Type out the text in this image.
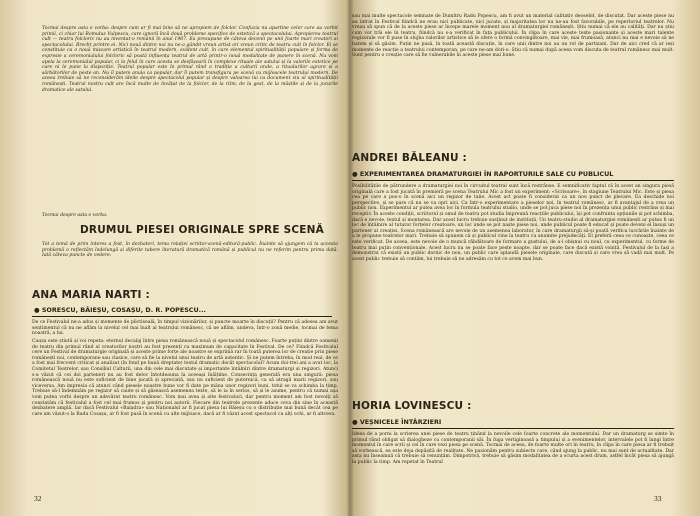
Tocmai despre asta e vorba: despre cum ar fi mai bine să ne apropiem de folclor. Confuzia nu apartine celor care au vorbit primii, ci chiar lui Romulus Vulpescu, care ignoră încă două probleme specifice de estetică a spectacolului. Apropierea teatrul cult — teatru folcloric nu au inventat-o românii în anul 1967. Ea presupune de câteva decenii pe unii foarte mari creatori ai spectacolului. Brecht printre ei. Nici nouă dintre noi nu ne-a gândit vreun artist ori vreun critic de teatru cult în folclor. Ei se constituie ca o nouă mișcare artistică în teatrul modern, evident cult, în care elementul spiritualității populare și forma de expresie a ceremonialului folcloric să poată influența teatrul de artă printr-o nouă modalitate de punere în scenă. Nu vom apela la ceremonialul popular, ci la felul în care acesta se desfășoară în complexe rituale ale satului și la valorile estetice pe care ni le pune la dispoziție. Teatrul popular este în primul rând o tradiție a culturii orale, a ritualurilor agrare și a sărbătorilor de peste an. Nu îl putem anula ca popular, dar îl putem transfigura pe scenă cu mijloacele teatrului modern. De aceea trebuie să ne reconsiderăm ideile despre spectacolul popular și despre valoarea lui ca document viu al spiritualității românești. Teatrul nostru cult are încă multe de învățat de la folclor, de la ritm, de la gest, de la măștile și de la jocurile dramatice ale satului.

Tocmai despre asta e vorba.

DRUMUL PIESEI ORIGINALE SPRE SCENĂ

Tot a temă de prim interes a fost, în dezbateri, tema relației scriitor-scenă-editură-public. Înainte să ajungem că la accesta problemă o reflectăm îndelungă și diferite tabere literatură dramatică română și publicul nu ne referim pentru prima dată. Iată câteva puncte de vedere:

ANA MARIA NARTI :

● SORESCU, BĂIEȘU, COSAȘU, D. R. POPESCU...

De ce Festivalul ne-a adus și momente de plictiseală, în timpul vizionărilor, și puncte moarte în discuții? Pentru că adesea am avut sentimentul că nu ne aflăm la nivelul cel mai înalt al teatrului românesc, că ne aflăm, undeva, într-o zonă medie, tocmai de tema noastră, a lui.

Cauza este știută și voi repeta: eternul decalaj între piesa românească nouă și spectacolul românesc. Foarte puțini dintre oamenii de teatru din primul rând al creatorilor noștri au fost prezenți cu maximum de capacitate în Festival. De ce? Fiindcă Festivalul cere un Festival de dramaturgie originală și aceste prime forțe ale noastre se exprimă rar în toată puterea lor de creație prin piese românești noi, contemporane sau clasice, care să fie la nivelul unui teatru de artă autentic. Și ne putem întreba, în mod real, de ce a fost mai frecvent criticat și analizat (în fond pe bună dreptate) textul dramatic decât spectacolul? Acum doi-trei ani a avut loc, la Comitetul Teatrelor, sau Consiliul Culturii, una din cele mai discutate și importante întâlniri dintre dramaturgi și regizori. Atunci s-a văzut că cei doi parteneri nu au fost deloc întotdeauna la aceeași înălțime. Consecința generală era una singură: piesa românească nouă nu este suficient de bine jucată și apreciată, sau nu suficient de puternică, ca să atragă marii regizori, sau viceversa. Am impresia că atunci când piesele noastre bune vor fi date pe mâna unor regizori buni, totul se va schimba la timp. Trebuie să-l îndemnăm pe regizor să caute și să găsească asemenea texte, să le ia în serios, să și le asume, pentru că numai așa vom putea vorbi despre un adevărat teatru românesc. Vom mai avea și alte festivaluri, dar pentru moment am fost nevoiți să constatăm că festivalul a fost cel mai frumos și pentru noi autorii. Fiecare din teatrele prezente aduce ceva din sine în această dezbatere amplă. Iar dacă Festivalul «Baladra» sau Naționalul ar fi jucat piesa lui Băieșu cu o distribuție mai bună decât cea pe care am văzut-o la Radu Cosașu, ar fi fost pusă în scenă cu alte mijloace, dacă ar fi văzut acest spectacol cu alți ochi, ar fi altceva.

32

sau mai multe spectacole semnate de Dumitru Radu Popescu, am fi avut un material calitativ deosebit, de discutat. Dar aceste piese nu au intrat în Festival fiindcă ne erau nici publicate, nici jucate, și majoritatea lor nu ne-au fost favorabile, pe repertoriul teatrelor. Nu vreau să spun că de la aceste piese ar începe marele moment nou al dramaturgiei românești. Știu numai că ele au calități. Dar nu știu cum vor trăi ele în teatru, fiindcă nu s-a verificat în fața publicului. În clipa în care aceste texte pasionante și aceste mari talente regizorale vor fi puse în slujba valorilor artistice să le ofere o formă convingătoare, mai vie, mai frumoasă, atunci nu mai e nevoie să ne batem și să găsim. Puțin ne pasă, în toată această discuție, în care unii dintre noi au un rol de partizani. Dar de aici cred că ar ieși momente de reacție a teatrului contemporan, pe care ne-am dori-o. Știu că numai după aceea vom discuta de teatrul românesc mai mult. Sunt pentru o creație care să fie vulnerabile în aceste piese mai bune.

ANDREI BĂLEANU :

● EXPERIMENTAREA DRAMATURGIEI ÎN RAPORTURILE SALE CU PUBLICUL

Posibilitățile de pătrundere a dramaturgiei noi în circuitul teatral sunt încă restrânse. E semnificativ faptul că în acest an singura piesă originală care a fost jucată în premieră pe scena Teatrului Mic a fost un experiment: «Scrisoare», în stagiune Teatrului Mic. Este și piesa cea pe care a pus-o în scenă aici un regizor de talie. Acest act poate fi considerat ca un nou punct de plecare. Ea deschide noi perspective, și se pare că nu se va opri aici. Ca într-o experimentare a pieselor noi, în teatrul românesc, ar fi avantajul de a crea un public nou. Experimentul ar putea avea loc în formula teatrului studio, unde se pot juca piese noi în prezența unui public restrâns și mai receptiv. În aceste condiții, scriitorul și omul de teatru pot studia împreună reacțiile publicului, își pot confrunta opțiunile și pot schimba, dacă e nevoie, textul și montarea. Dar acest lucru trebuie susținut de instituții. Un teatru-studio al dramaturgiei românești ar putea fi un loc de întâlnire al tuturor forțelor creatoare, un loc unde se pot naște piese noi, unde publicul poate fi educat și poate deveni el însuși un partener al creației. Scena românească are nevoie de un asemenea laborator, în care dramaturgii să-și poată verifica lucrările înainte de a le propune teatrelor mari. Trebuie să spunem că și publicul vine la teatru cu anumite prejudecăți. El preferă ceea ce cunoaște, ceea ce este verificat. De aceea, este nevoie de o muncă răbdătoare de formare a gustului, de a-l obișnui cu noul, cu experimentul, cu forme de teatru mai puțin convenționale. Acest lucru nu se poate face peste noapte, dar se poate face dacă există voință. Festivalul de la Iași a demonstrat că există un public dornic de nou, un public care aplaudă piesele originale, care discută și care vrea să vadă mai mult. Pe acest public trebuie să contăm, lui trebuie să ne adresăm cu tot ce avem mai bun.

HORIA LOVINESCU :

● VEȘNICELE ÎNTÂRZIERI

Ideea de a porni la scrierea unei piese de teatru ținând la nevoile cele foarte concrete ale momentului. Dar un dramaturg se simte în primul rând obligat să dialogheze cu contemporanii săi. În fuga vertiginoasă a timpului și a evenimentelor, intervalele pot fi lungi între momentul în care scrii și cel în care vezi piesa pe scenă. Tocmai de aceea, de foarte multe ori în teatru, în clipa în care piesa ar fi trebuit să vorbească, ea este deja depășită de realitate. Ne pasionăm pentru subiecte care, când ajung la public, nu mai sunt de actualitate. Dar asta nu înseamnă că trebuie să renunțăm. Dimpotrivă, trebuie să găsim modalitatea de a scurta acest drum, astfel încât piesa să ajungă la public la timp. Am repetat în Teatrul

33
